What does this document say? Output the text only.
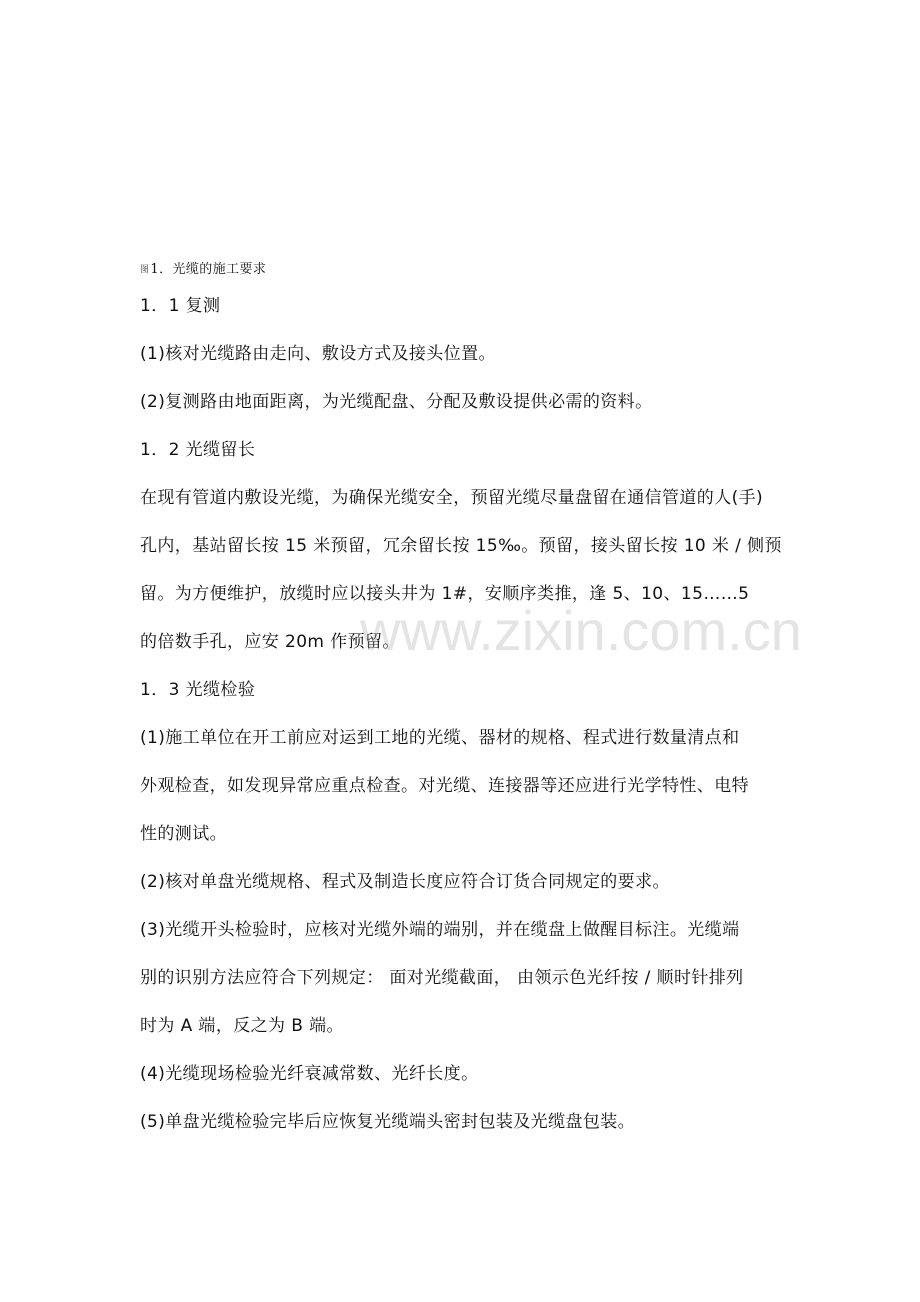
图1．光缆的施工要求
1．1 复测
(1)核对光缆路由走向、敷设方式及接头位置。
(2)复测路由地面距离，为光缆配盘、分配及敷设提供必需的资料。
1．2 光缆留长
在现有管道内敷设光缆，为确保光缆安全，预留光缆尽量盘留在通信管道的人(手)
孔内，基站留长按 15 米预留，冗余留长按 15‰。预留，接头留长按 10 米 / 侧预
留。为方便维护，放缆时应以接头井为 1#，安顺序类推，逢 5、10、15……5
的倍数手孔，应安 20m 作预留。
1．3 光缆检验
(1)施工单位在开工前应对运到工地的光缆、器材的规格、程式进行数量清点和
外观检查，如发现异常应重点检查。对光缆、连接器等还应进行光学特性、电特
性的测试。
(2)核对单盘光缆规格、程式及制造长度应符合订货合同规定的要求。
(3)光缆开头检验时，应核对光缆外端的端别，并在缆盘上做醒目标注。光缆端
别的识别方法应符合下列规定： 面对光缆截面， 由领示色光纤按 / 顺时针排列
时为 A 端，反之为 B 端。
(4)光缆现场检验光纤衰减常数、光纤长度。
(5)单盘光缆检验完毕后应恢复光缆端头密封包装及光缆盘包装。
www.zixin.com.cn
